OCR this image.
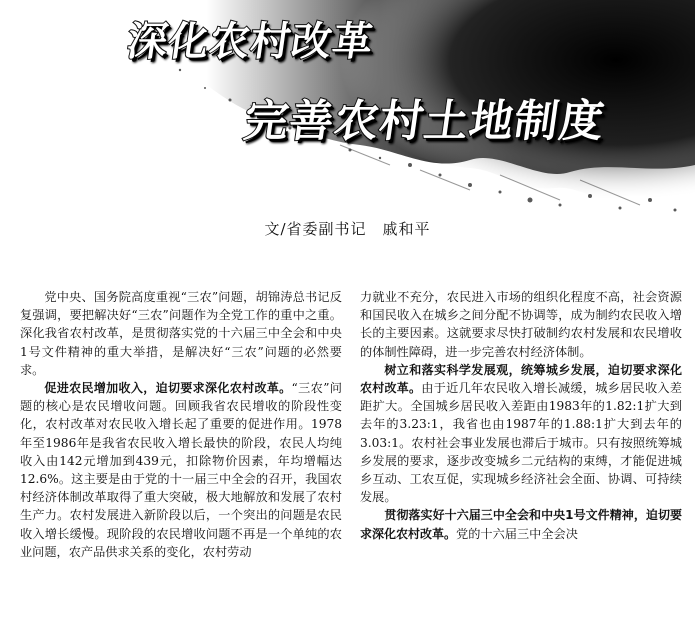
深化农村改革
完善农村土地制度
文/省委副书记　戚和平

党中央、国务院高度重视“三农”问题，胡锦涛总书记反复强调，要把解决好“三农”问题作为全党工作的重中之重。深化我省农村改革，是贯彻落实党的十六届三中全会和中央1号文件精神的重大举措，是解决好“三农”问题的必然要求。

促进农民增加收入，迫切要求深化农村改革。“三农”问题的核心是农民增收问题。回顾我省农民增收的阶段性变化，农村改革对农民收入增长起了重要的促进作用。1978年至1986年是我省农民收入增长最快的阶段，农民人均纯收入由142元增加到439元，扣除物价因素，年均增幅达12.6%。这主要是由于党的十一届三中全会的召开，我国农村经济体制改革取得了重大突破，极大地解放和发展了农村生产力。农村发展进入新阶段以后，一个突出的问题是农民收入增长缓慢。现阶段的农民增收问题不再是一个单纯的农业问题，农产品供求关系的变化，农村劳动

力就业不充分，农民进入市场的组织化程度不高，社会资源和国民收入在城乡之间分配不协调等，成为制约农民收入增长的主要因素。这就要求尽快打破制约农村发展和农民增收的体制性障碍，进一步完善农村经济体制。

树立和落实科学发展观，统筹城乡发展，迫切要求深化农村改革。由于近几年农民收入增长减缓，城乡居民收入差距扩大。全国城乡居民收入差距由1983年的1.82:1扩大到去年的3.23:1，我省也由1987年的1.88:1扩大到去年的3.03:1。农村社会事业发展也滞后于城市。只有按照统筹城乡发展的要求，逐步改变城乡二元结构的束缚，才能促进城乡互动、工农互促，实现城乡经济社会全面、协调、可持续发展。

贯彻落实好十六届三中全会和中央1号文件精神，迫切要求深化农村改革。党的十六届三中全会决
